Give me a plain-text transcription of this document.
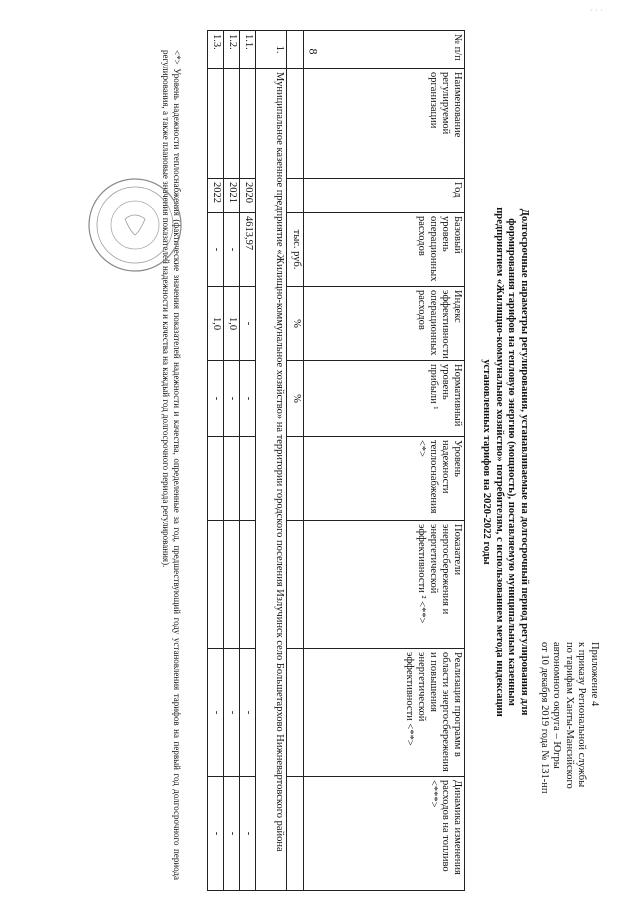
8
· · ·
Приложение 4
к приказу Региональной службы
по тарифам Ханты-Мансийского
автономного округа – Югры
от 10 декабря 2019 года № 131-нп
Долгосрочные параметры регулирования, устанавливаемые на долгосрочный период регулирования для
формирования тарифов на тепловую энергию (мощность), поставляемую муниципальным казенным
предприятием «Жилищно-коммунальное хозяйство» потребителям, с использованием метода индексации
установленных тарифов на 2020-2022 годы
№ п/п	Наименование регулируемой организации	Год	Базовый уровень операционных расходов	Индекс эффективности операционных расходов	Нормативный уровень прибыли ¹	Уровень надежности теплоснабжения <*>	Показатели энергосбережения и энергетической эффективности ² <**>	Реализация программ в области энергосбережения и повышения энергетической эффективности <**>	Динамика изменения расходов на топливо <***>
			тыс. руб.	%	%				
1.	Муниципальное казенное предприятие «Жилищно-коммунальное хозяйство» на территории городского поселения Излучинск село Большетархово Нижневартовского района								
1.1.		2020	4613,97	-	-			-	-
1.2.		2021	-	1,0	-			-	-
1.3.		2022	-	1,0	-			-	-
<*> Уровень надежности теплоснабжения (фактические значения показателей надежности и качества, определенные за год, предшествующий году установления тарифов на первый год долгосрочного периода регулирования, а также плановые значения показателей надежности и качества на каждый год долгосрочного периода регулирования).
